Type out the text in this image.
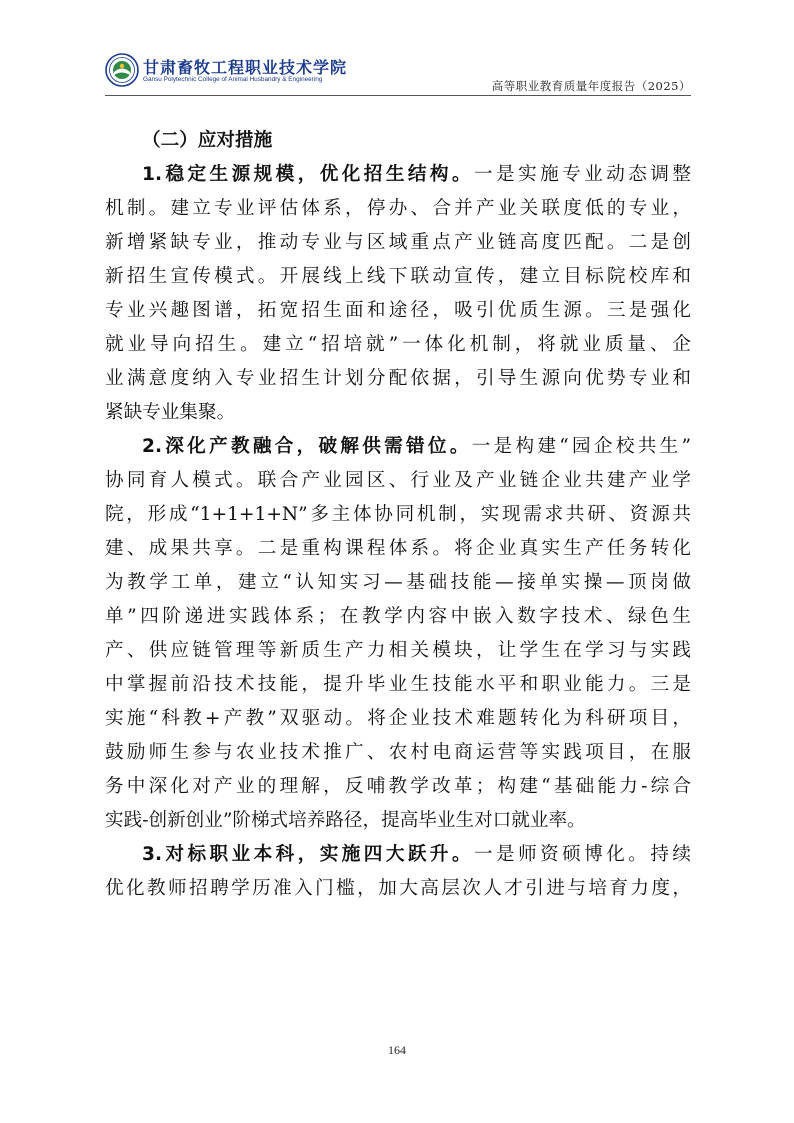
甘肃畜牧工程职业技术学院
Gansu Polytechnic College of Animal Husbandry & Engineering	高等职业教育质量年度报告（2025）
（二）应对措施
1.稳定生源规模，优化招生结构。一是实施专业动态调整
机制。建立专业评估体系，停办、合并产业关联度低的专业，
新增紧缺专业，推动专业与区域重点产业链高度匹配。二是创
新招生宣传模式。开展线上线下联动宣传，建立目标院校库和
专业兴趣图谱，拓宽招生面和途径，吸引优质生源。三是强化
就业导向招生。建立“招培就”一体化机制，将就业质量、企
业满意度纳入专业招生计划分配依据，引导生源向优势专业和
紧缺专业集聚。
2.深化产教融合，破解供需错位。一是构建“园企校共生”
协同育人模式。联合产业园区、行业及产业链企业共建产业学
院，形成“1+1+1+N”多主体协同机制，实现需求共研、资源共
建、成果共享。二是重构课程体系。将企业真实生产任务转化
为教学工单，建立“认知实习—基础技能—接单实操—顶岗做
单”四阶递进实践体系；在教学内容中嵌入数字技术、绿色生
产、供应链管理等新质生产力相关模块，让学生在学习与实践
中掌握前沿技术技能，提升毕业生技能水平和职业能力。三是
实施“科教+产教”双驱动。将企业技术难题转化为科研项目，
鼓励师生参与农业技术推广、农村电商运营等实践项目，在服
务中深化对产业的理解，反哺教学改革；构建“基础能力-综合
实践-创新创业”阶梯式培养路径，提高毕业生对口就业率。
3.对标职业本科，实施四大跃升。一是师资硕博化。持续
优化教师招聘学历准入门槛，加大高层次人才引进与培育力度，
164
